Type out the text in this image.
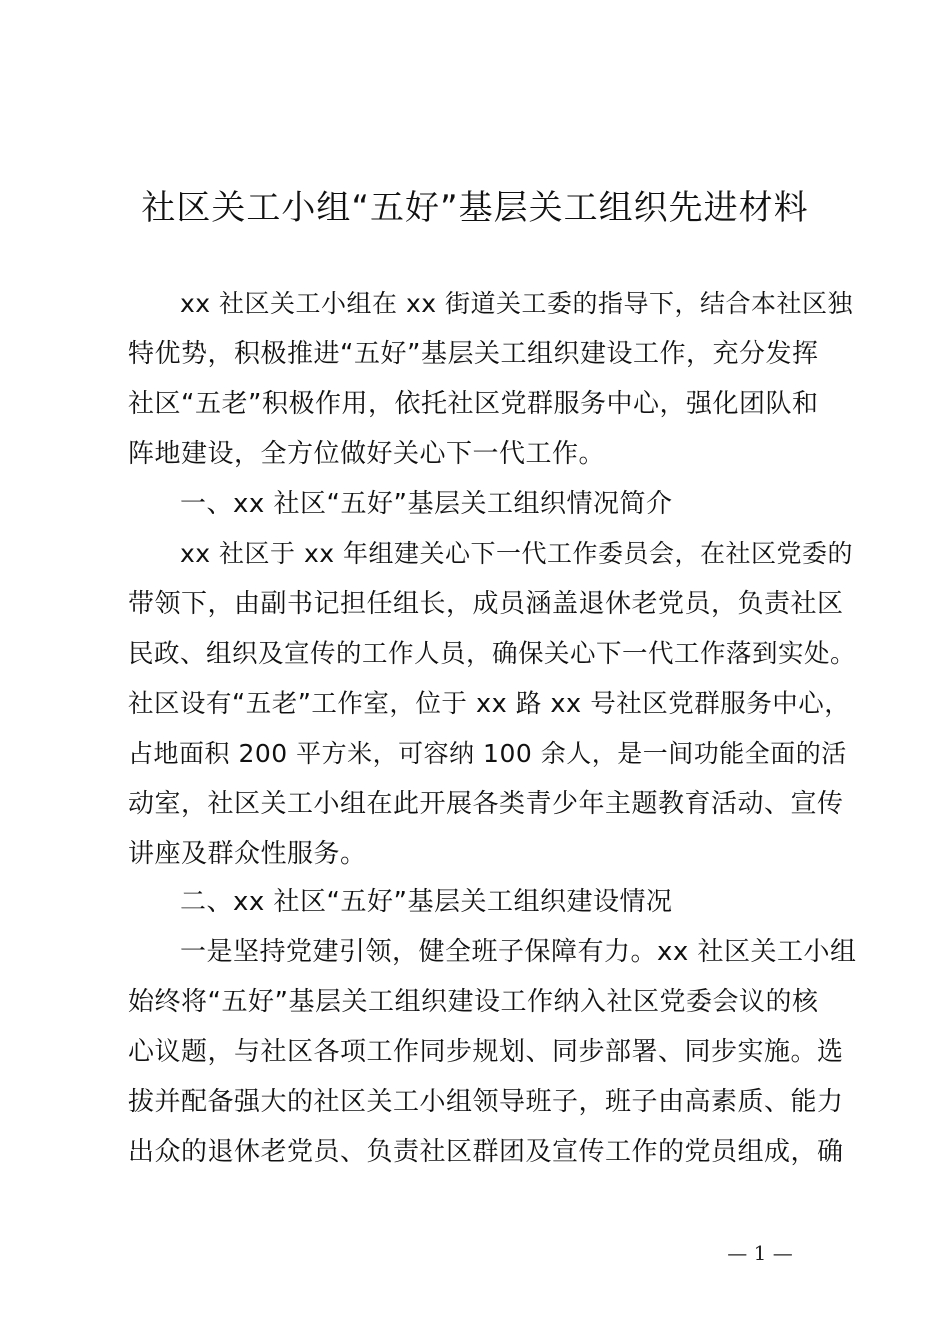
社区关工小组“五好”基层关工组织先进材料
xx 社区关工小组在 xx 街道关工委的指导下，结合本社区独
特优势，积极推进“五好”基层关工组织建设工作，充分发挥
社区“五老”积极作用，依托社区党群服务中心，强化团队和
阵地建设，全方位做好关心下一代工作。
一、xx 社区“五好”基层关工组织情况简介
xx 社区于 xx 年组建关心下一代工作委员会，在社区党委的
带领下，由副书记担任组长，成员涵盖退休老党员，负责社区
民政、组织及宣传的工作人员，确保关心下一代工作落到实处。
社区设有“五老”工作室，位于 xx 路 xx 号社区党群服务中心，
占地面积 200 平方米，可容纳 100 余人，是一间功能全面的活
动室，社区关工小组在此开展各类青少年主题教育活动、宣传
讲座及群众性服务。
二、xx 社区“五好”基层关工组织建设情况
一是坚持党建引领，健全班子保障有力。xx 社区关工小组
始终将“五好”基层关工组织建设工作纳入社区党委会议的核
心议题，与社区各项工作同步规划、同步部署、同步实施。选
拔并配备强大的社区关工小组领导班子，班子由高素质、能力
出众的退休老党员、负责社区群团及宣传工作的党员组成，确
— 1 —
